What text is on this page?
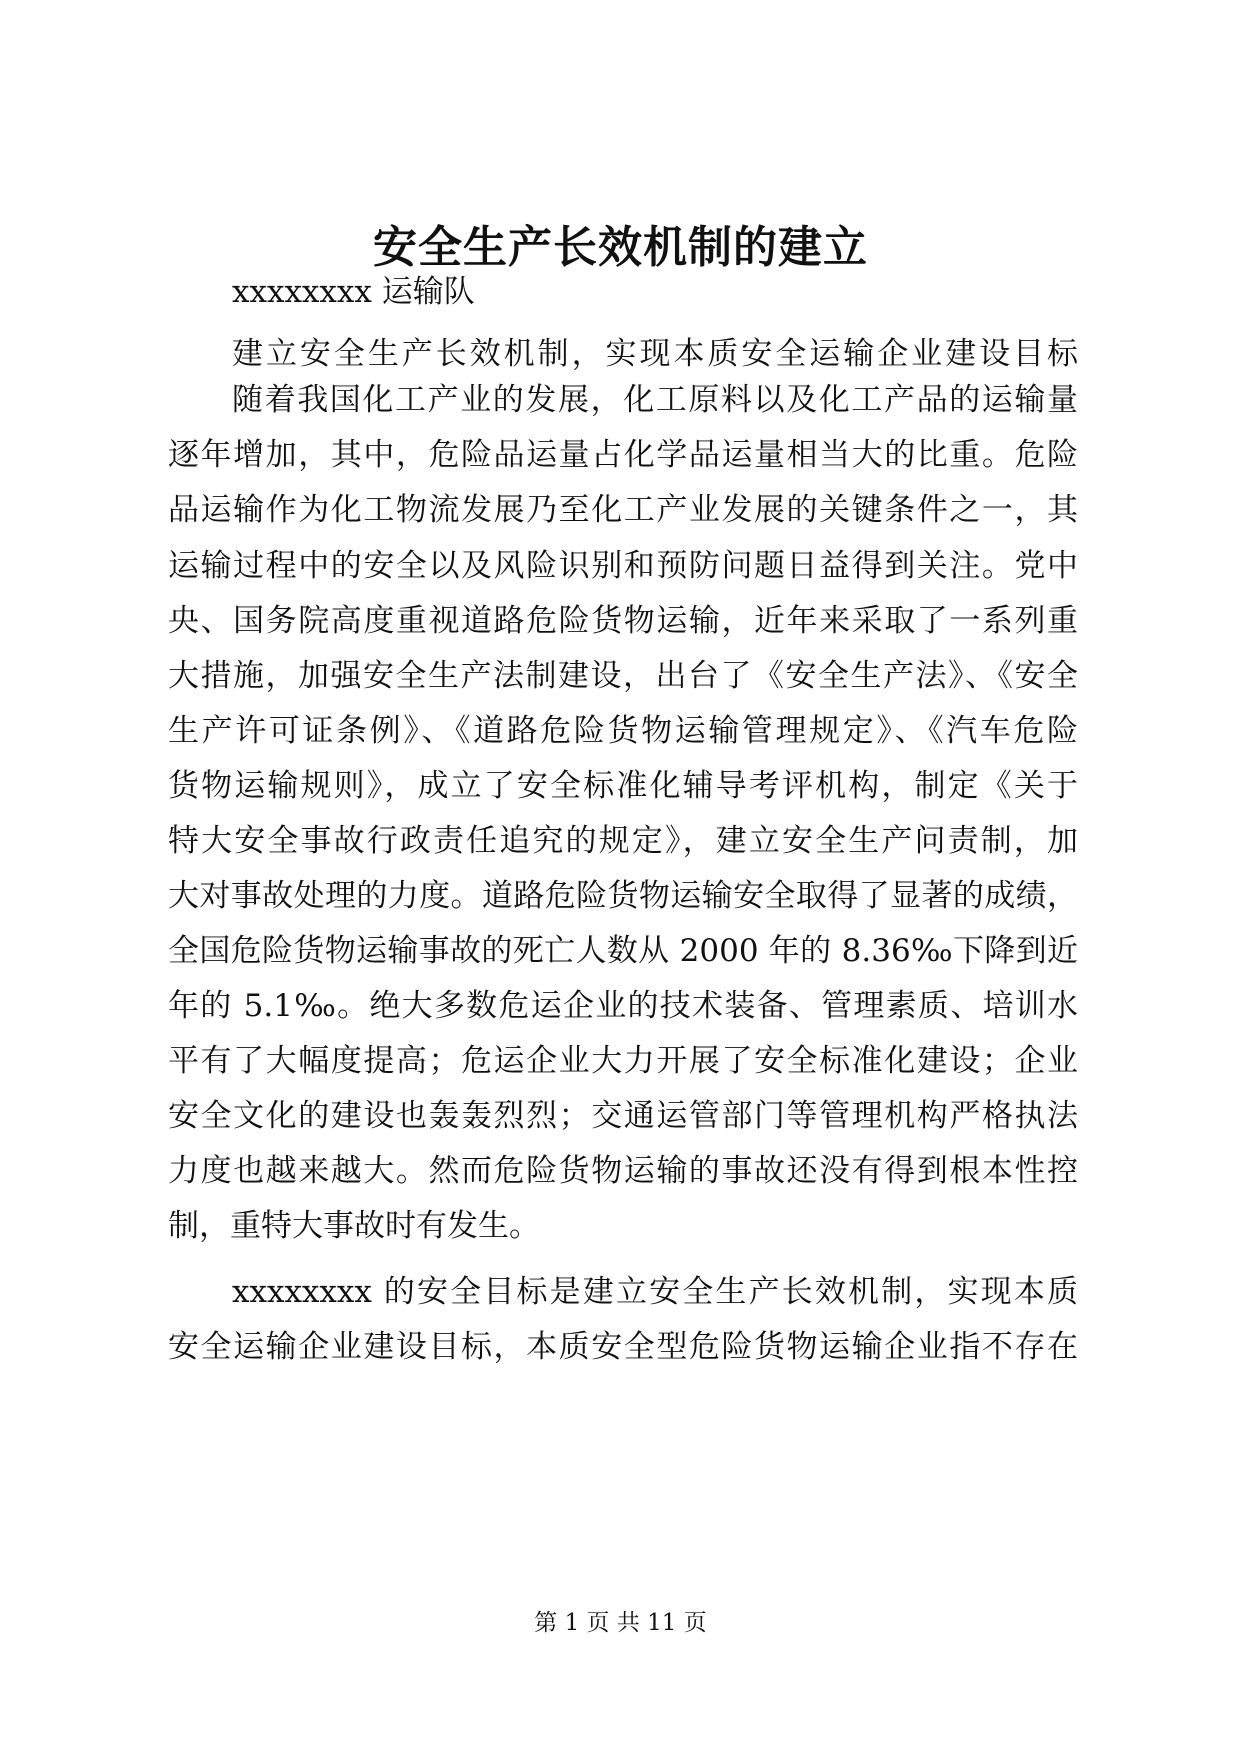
安全生产长效机制的建立
xxxxxxxx 运输队
建立安全生产长效机制，实现本质安全运输企业建设目标
随着我国化工产业的发展，化工原料以及化工产品的运输量
逐年增加，其中，危险品运量占化学品运量相当大的比重。危险
品运输作为化工物流发展乃至化工产业发展的关键条件之一，其
运输过程中的安全以及风险识别和预防问题日益得到关注。党中
央、国务院高度重视道路危险货物运输，近年来采取了一系列重
大措施，加强安全生产法制建设，出台了《安全生产法》、《安全
生产许可证条例》、《道路危险货物运输管理规定》、《汽车危险
货物运输规则》，成立了安全标准化辅导考评机构，制定《关于
特大安全事故行政责任追究的规定》，建立安全生产问责制，加
大对事故处理的力度。道路危险货物运输安全取得了显著的成绩，
全国危险货物运输事故的死亡人数从 2000 年的 8.36‰下降到近
年的 5.1‰。绝大多数危运企业的技术装备、管理素质、培训水
平有了大幅度提高；危运企业大力开展了安全标准化建设；企业
安全文化的建设也轰轰烈烈；交通运管部门等管理机构严格执法
力度也越来越大。然而危险货物运输的事故还没有得到根本性控
制，重特大事故时有发生。
xxxxxxxx 的安全目标是建立安全生产长效机制，实现本质
安全运输企业建设目标，本质安全型危险货物运输企业指不存在
第 1 页 共 11 页
